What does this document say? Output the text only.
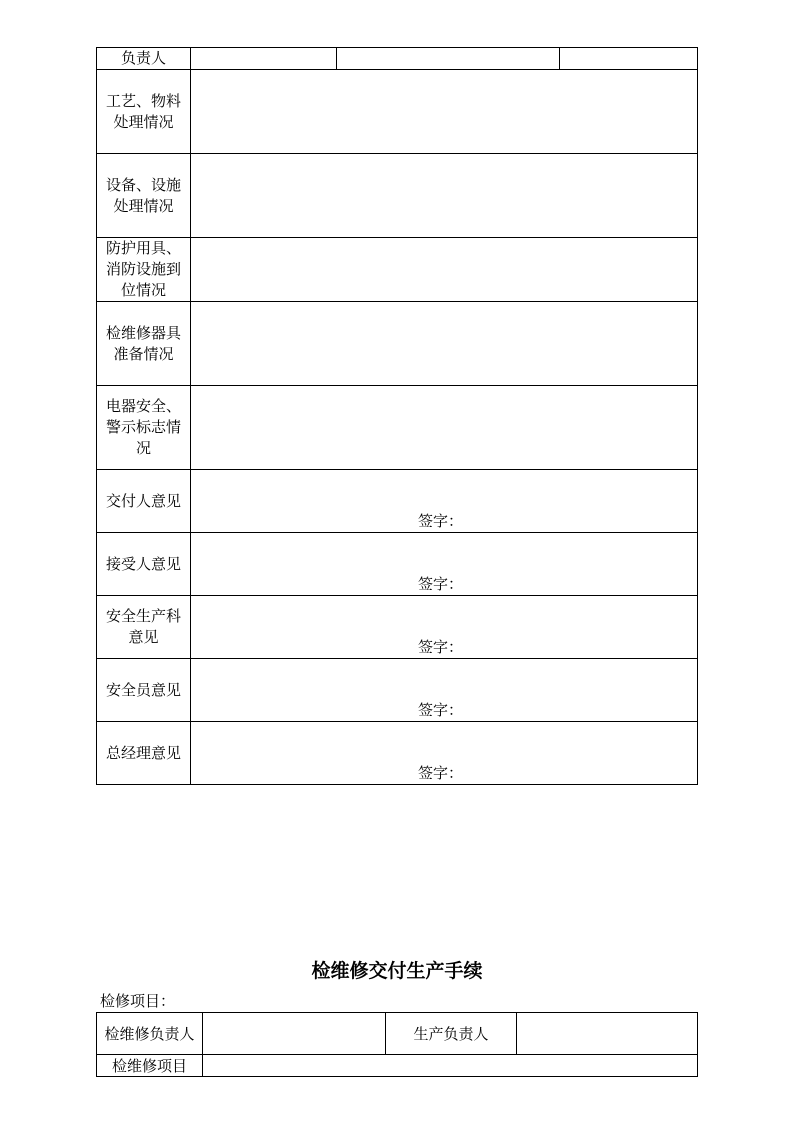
负责人			
工艺、物料处理情况			
设备、设施处理情况			
防护用具、消防设施到位情况			
检维修器具准备情况			
电器安全、警示标志情况			
交付人意见	签字：		

接受人意见	签字：		

安全生产科意见	签字：		

安全员意见	签字：		

总经理意见	签字：		
检维修交付生产手续
检修项目：
检维修负责人		生产负责人	
检维修项目			
